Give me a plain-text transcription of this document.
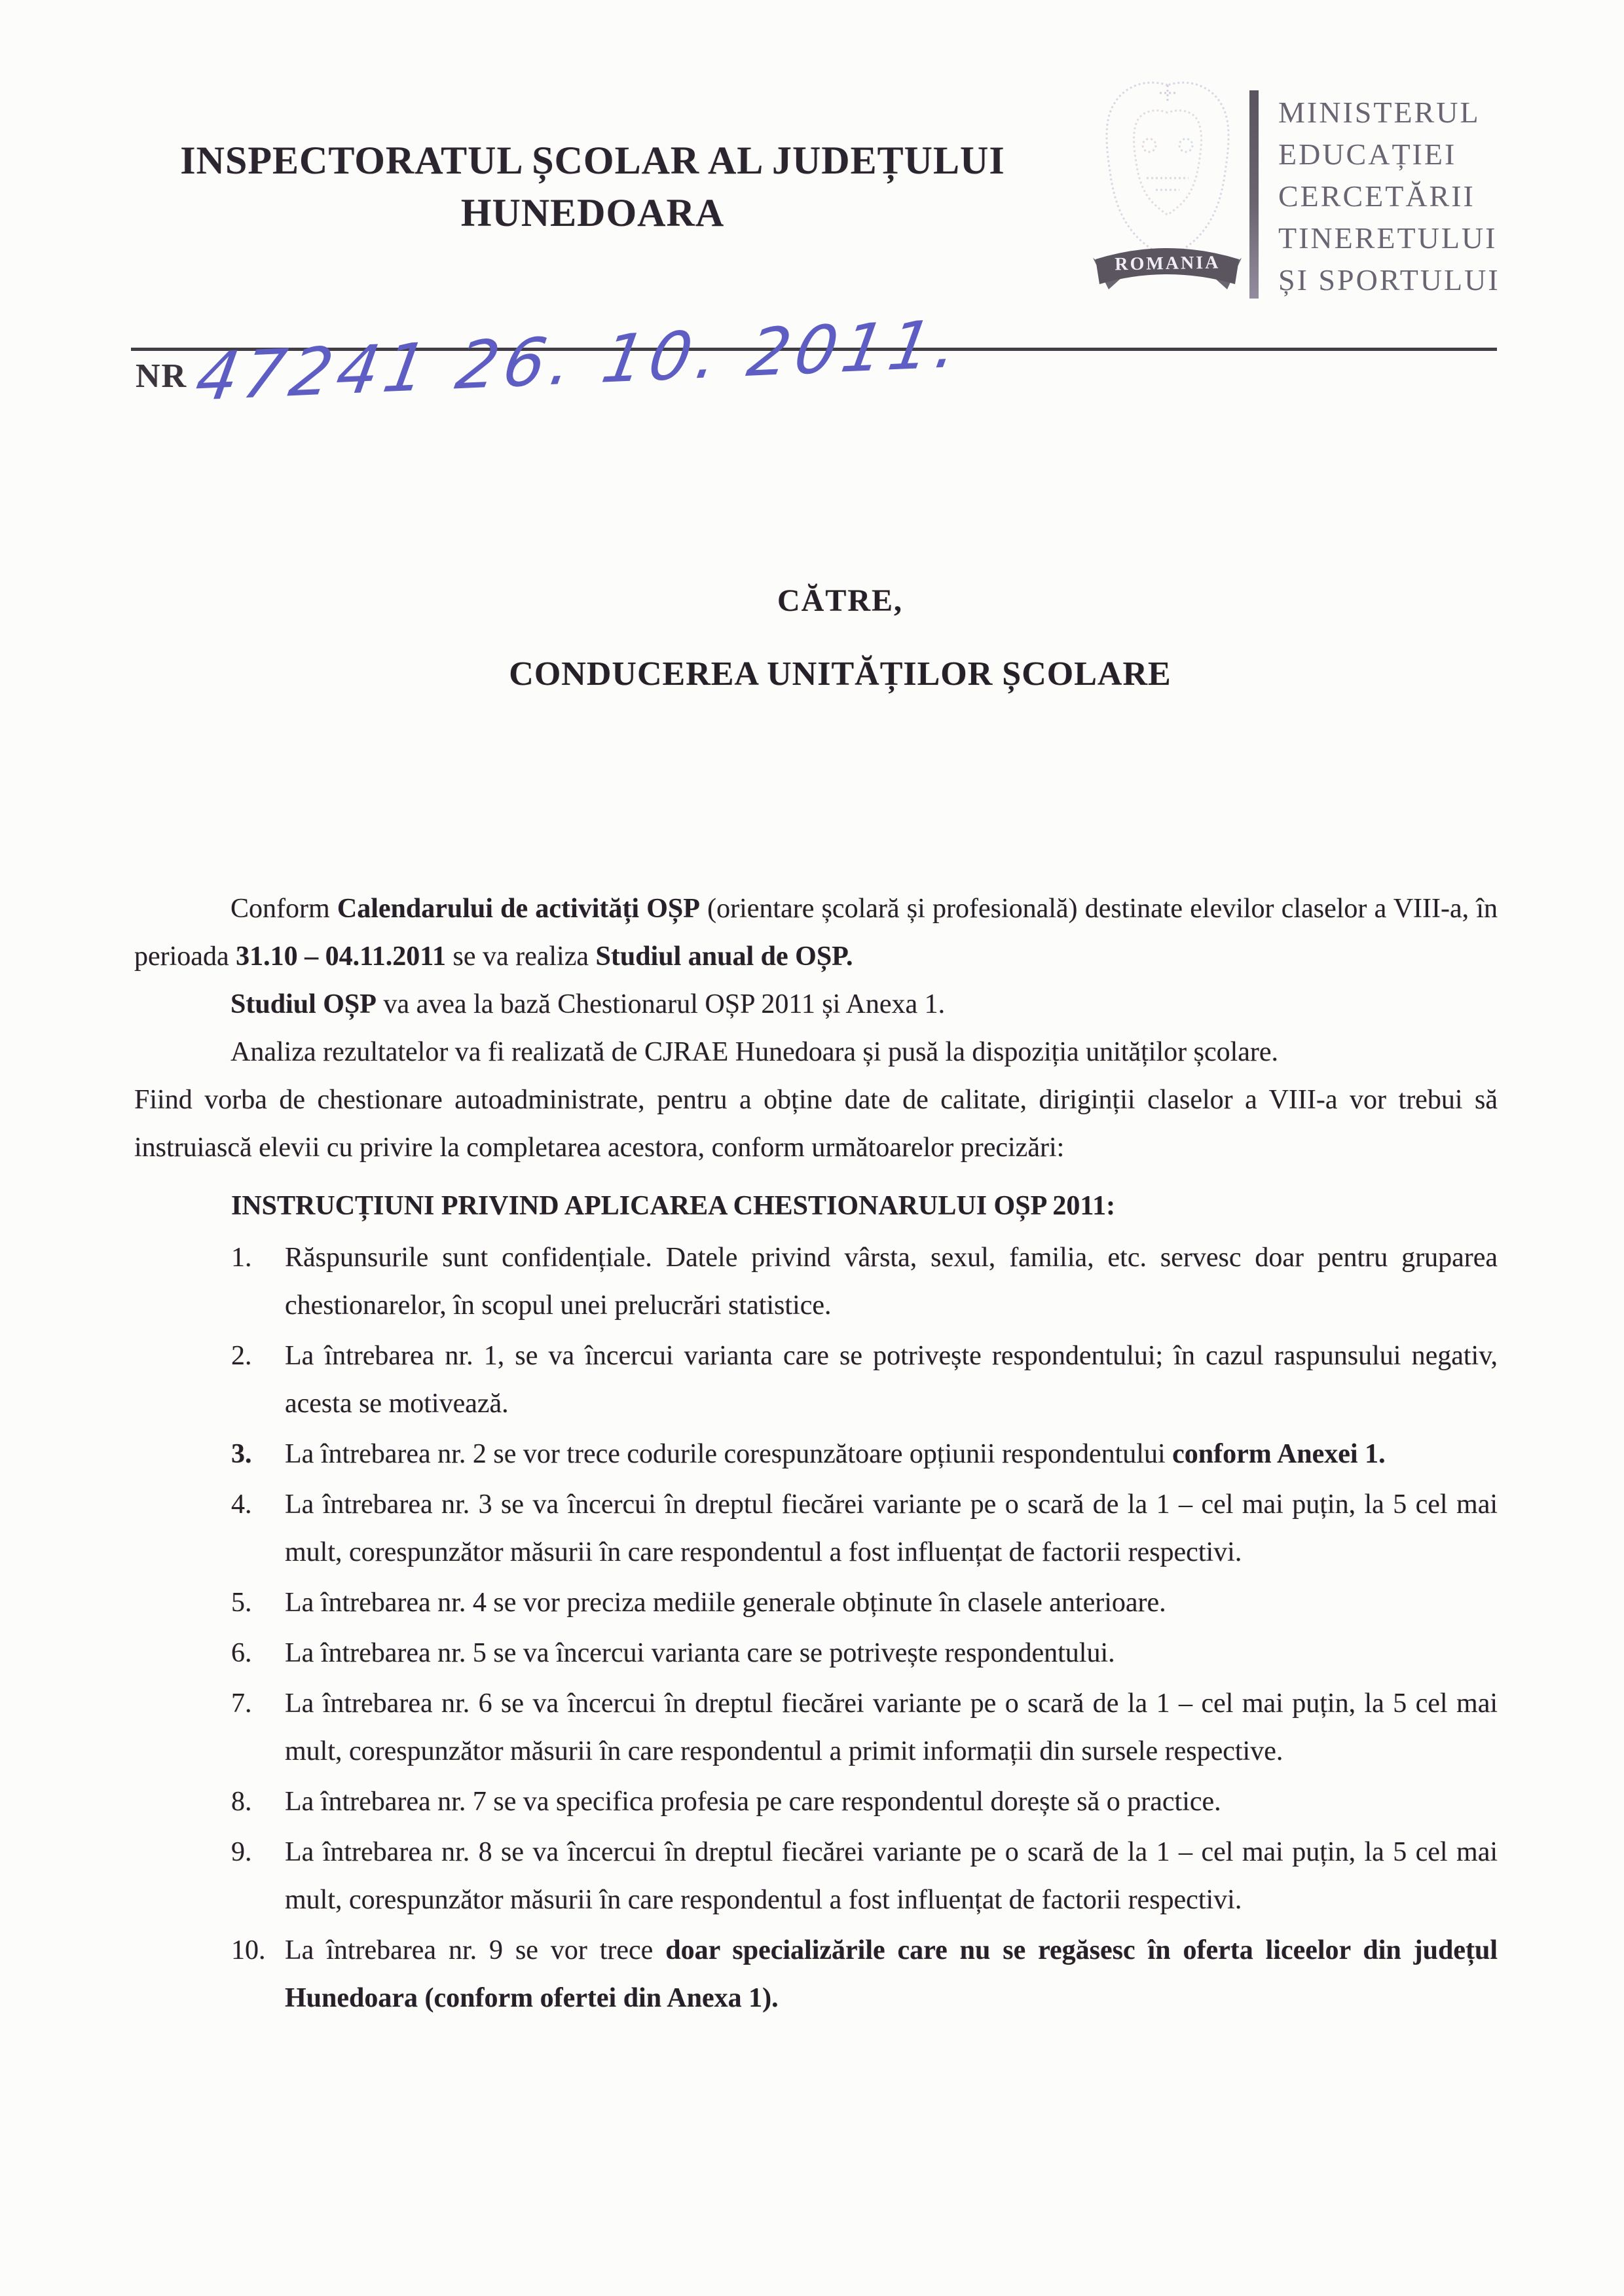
INSPECTORATUL ȘCOLAR AL JUDEȚULUI
HUNEDOARA
ROMANIA
MINISTERUL
EDUCAȚIEI
CERCETĂRII
TINERETULUI
ȘI SPORTULUI
NR 47241 26. 10. 2011.
CĂTRE,
CONDUCEREA UNITĂȚILOR ȘCOLARE

Conform Calendarului de activități OȘP (orientare școlară și profesională) destinate elevilor claselor a VIII-a, în perioada 31.10 – 04.11.2011 se va realiza Studiul anual de OȘP.

Studiul OȘP va avea la bază Chestionarul OȘP 2011 și Anexa 1.

Analiza rezultatelor va fi realizată de CJRAE Hunedoara și pusă la dispoziția unităților școlare.

Fiind vorba de chestionare autoadministrate, pentru a obține date de calitate, diriginții claselor a VIII-a vor trebui să instruiască elevii cu privire la completarea acestora, conform următoarelor precizări:

INSTRUCȚIUNI PRIVIND APLICAREA CHESTIONARULUI OȘP 2011:

1. Răspunsurile sunt confidențiale. Datele privind vârsta, sexul, familia, etc. servesc doar pentru gruparea chestionarelor, în scopul unei prelucrări statistice.
2. La întrebarea nr. 1, se va încercui varianta care se potrivește respondentului; în cazul raspunsului negativ, acesta se motivează.
3. La întrebarea nr. 2 se vor trece codurile corespunzătoare opțiunii respondentului conform Anexei 1.
4. La întrebarea nr. 3 se va încercui în dreptul fiecărei variante pe o scară de la 1 – cel mai puțin, la 5 cel mai mult, corespunzător măsurii în care respondentul a fost influențat de factorii respectivi.
5. La întrebarea nr. 4 se vor preciza mediile generale obținute în clasele anterioare.
6. La întrebarea nr. 5 se va încercui varianta care se potrivește respondentului.
7. La întrebarea nr. 6 se va încercui în dreptul fiecărei variante pe o scară de la 1 – cel mai puțin, la 5 cel mai mult, corespunzător măsurii în care respondentul a primit informații din sursele respective.
8. La întrebarea nr. 7 se va specifica profesia pe care respondentul dorește să o practice.
9. La întrebarea nr. 8 se va încercui în dreptul fiecărei variante pe o scară de la 1 – cel mai puțin, la 5 cel mai mult, corespunzător măsurii în care respondentul a fost influențat de factorii respectivi.
10. La întrebarea nr. 9 se vor trece doar specializările care nu se regăsesc în oferta liceelor din județul Hunedoara (conform ofertei din Anexa 1).
